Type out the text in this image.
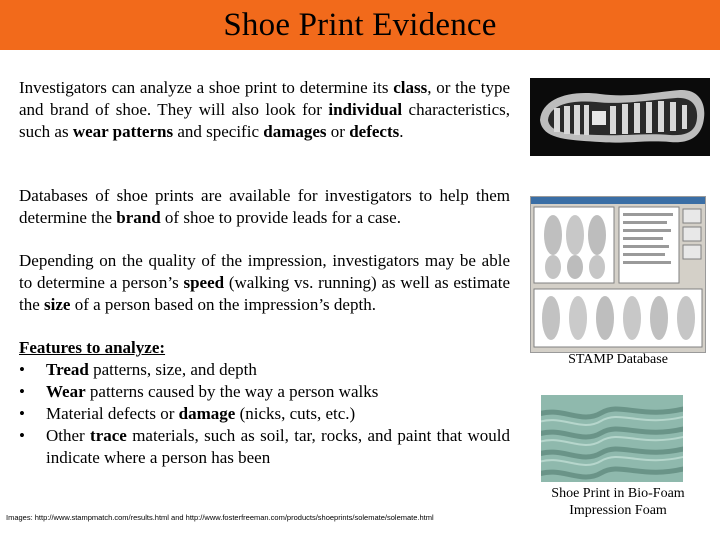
Shoe Print Evidence

Investigators can analyze a shoe print to determine its class, or the type and brand of shoe. They will also look for individual characteristics, such as wear patterns and specific damages or defects.

Databases of shoe prints are available for investigators to help them determine the brand of shoe to provide leads for a case.

Depending on the quality of the impression, investigators may be able to determine a person’s speed (walking vs. running) as well as estimate the size of a person based on the impression’s depth.

Features to analyze:
• Tread patterns, size, and depth
• Wear patterns caused by the way a person walks
• Material defects or damage (nicks, cuts, etc.)
• Other trace materials, such as soil, tar, rocks, and paint that would indicate where a person has been
Images: http://www.stampmatch.com/results.html and http://www.fosterfreeman.com/products/shoeprints/solemate/solemate.html
STAMP Database
Shoe Print in Bio-Foam Impression Foam
